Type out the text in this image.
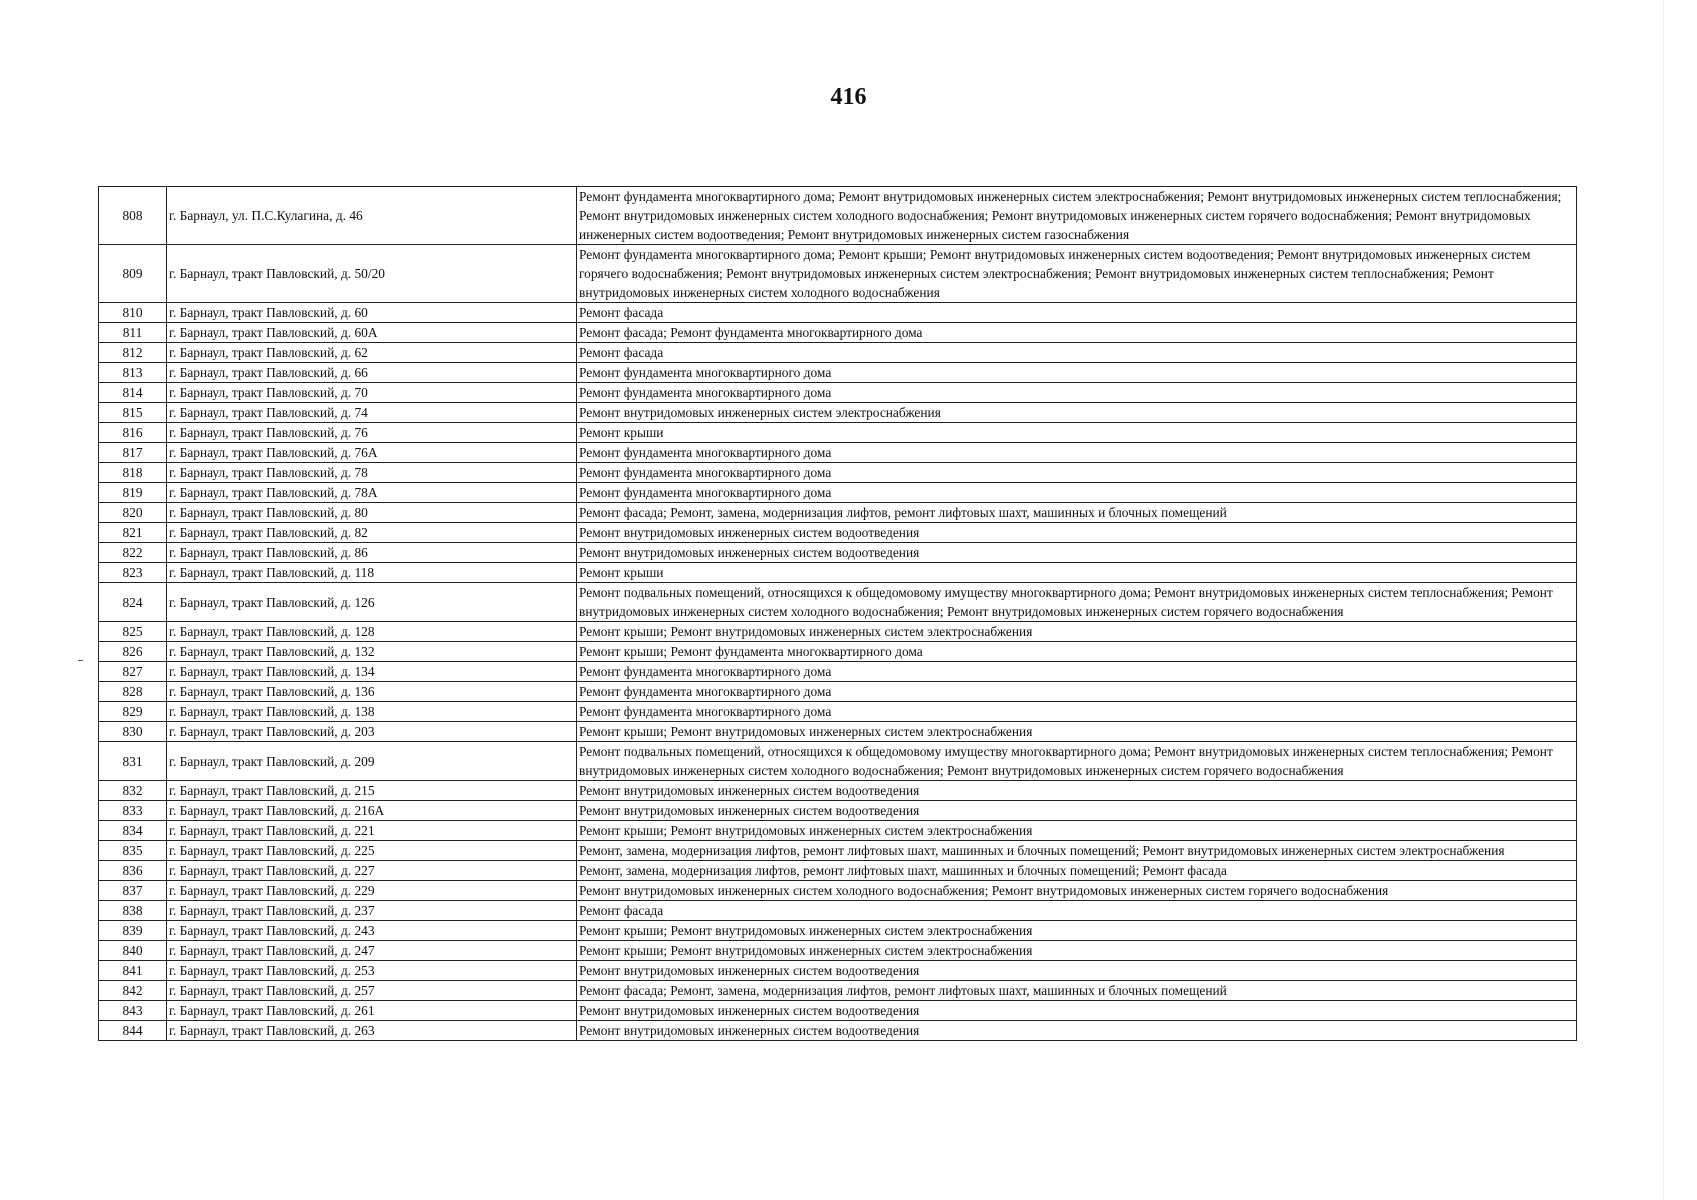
416
808	г. Барнаул, ул. П.С.Кулагина, д. 46	Ремонт фундамента многоквартирного дома; Ремонт внутридомовых инженерных систем электроснабжения; Ремонт внутридомовых инженерных систем теплоснабжения; Ремонт внутридомовых инженерных систем холодного водоснабжения; Ремонт внутридомовых инженерных систем горячего водоснабжения; Ремонт внутридомовых инженерных систем водоотведения; Ремонт внутридомовых инженерных систем газоснабжения
809	г. Барнаул, тракт Павловский, д. 50/20	Ремонт фундамента многоквартирного дома; Ремонт крыши; Ремонт внутридомовых инженерных систем водоотведения; Ремонт внутридомовых инженерных систем горячего водоснабжения; Ремонт внутридомовых инженерных систем электроснабжения; Ремонт внутридомовых инженерных систем теплоснабжения; Ремонт внутридомовых инженерных систем холодного водоснабжения
810	г. Барнаул, тракт Павловский, д. 60	Ремонт фасада
811	г. Барнаул, тракт Павловский, д. 60А	Ремонт фасада; Ремонт фундамента многоквартирного дома
812	г. Барнаул, тракт Павловский, д. 62	Ремонт фасада
813	г. Барнаул, тракт Павловский, д. 66	Ремонт фундамента многоквартирного дома
814	г. Барнаул, тракт Павловский, д. 70	Ремонт фундамента многоквартирного дома
815	г. Барнаул, тракт Павловский, д. 74	Ремонт внутридомовых инженерных систем электроснабжения
816	г. Барнаул, тракт Павловский, д. 76	Ремонт крыши
817	г. Барнаул, тракт Павловский, д. 76А	Ремонт фундамента многоквартирного дома
818	г. Барнаул, тракт Павловский, д. 78	Ремонт фундамента многоквартирного дома
819	г. Барнаул, тракт Павловский, д. 78А	Ремонт фундамента многоквартирного дома
820	г. Барнаул, тракт Павловский, д. 80	Ремонт фасада; Ремонт, замена, модернизация лифтов, ремонт лифтовых шахт, машинных и блочных помещений
821	г. Барнаул, тракт Павловский, д. 82	Ремонт внутридомовых инженерных систем водоотведения
822	г. Барнаул, тракт Павловский, д. 86	Ремонт внутридомовых инженерных систем водоотведения
823	г. Барнаул, тракт Павловский, д. 118	Ремонт крыши
824	г. Барнаул, тракт Павловский, д. 126	Ремонт подвальных помещений, относящихся к общедомовому имуществу многоквартирного дома; Ремонт внутридомовых инженерных систем теплоснабжения; Ремонт внутридомовых инженерных систем холодного водоснабжения; Ремонт внутридомовых инженерных систем горячего водоснабжения
825	г. Барнаул, тракт Павловский, д. 128	Ремонт крыши; Ремонт внутридомовых инженерных систем электроснабжения
826	г. Барнаул, тракт Павловский, д. 132	Ремонт крыши; Ремонт фундамента многоквартирного дома
827	г. Барнаул, тракт Павловский, д. 134	Ремонт фундамента многоквартирного дома
828	г. Барнаул, тракт Павловский, д. 136	Ремонт фундамента многоквартирного дома
829	г. Барнаул, тракт Павловский, д. 138	Ремонт фундамента многоквартирного дома
830	г. Барнаул, тракт Павловский, д. 203	Ремонт крыши; Ремонт внутридомовых инженерных систем электроснабжения
831	г. Барнаул, тракт Павловский, д. 209	Ремонт подвальных помещений, относящихся к общедомовому имуществу многоквартирного дома; Ремонт внутридомовых инженерных систем теплоснабжения; Ремонт внутридомовых инженерных систем холодного водоснабжения; Ремонт внутридомовых инженерных систем горячего водоснабжения
832	г. Барнаул, тракт Павловский, д. 215	Ремонт внутридомовых инженерных систем водоотведения
833	г. Барнаул, тракт Павловский, д. 216А	Ремонт внутридомовых инженерных систем водоотведения
834	г. Барнаул, тракт Павловский, д. 221	Ремонт крыши; Ремонт внутридомовых инженерных систем электроснабжения
835	г. Барнаул, тракт Павловский, д. 225	Ремонт, замена, модернизация лифтов, ремонт лифтовых шахт, машинных и блочных помещений; Ремонт внутридомовых инженерных систем электроснабжения
836	г. Барнаул, тракт Павловский, д. 227	Ремонт, замена, модернизация лифтов, ремонт лифтовых шахт, машинных и блочных помещений; Ремонт фасада
837	г. Барнаул, тракт Павловский, д. 229	Ремонт внутридомовых инженерных систем холодного водоснабжения; Ремонт внутридомовых инженерных систем горячего водоснабжения
838	г. Барнаул, тракт Павловский, д. 237	Ремонт фасада
839	г. Барнаул, тракт Павловский, д. 243	Ремонт крыши; Ремонт внутридомовых инженерных систем электроснабжения
840	г. Барнаул, тракт Павловский, д. 247	Ремонт крыши; Ремонт внутридомовых инженерных систем электроснабжения
841	г. Барнаул, тракт Павловский, д. 253	Ремонт внутридомовых инженерных систем водоотведения
842	г. Барнаул, тракт Павловский, д. 257	Ремонт фасада; Ремонт, замена, модернизация лифтов, ремонт лифтовых шахт, машинных и блочных помещений
843	г. Барнаул, тракт Павловский, д. 261	Ремонт внутридомовых инженерных систем водоотведения
844	г. Барнаул, тракт Павловский, д. 263	Ремонт внутридомовых инженерных систем водоотведения
